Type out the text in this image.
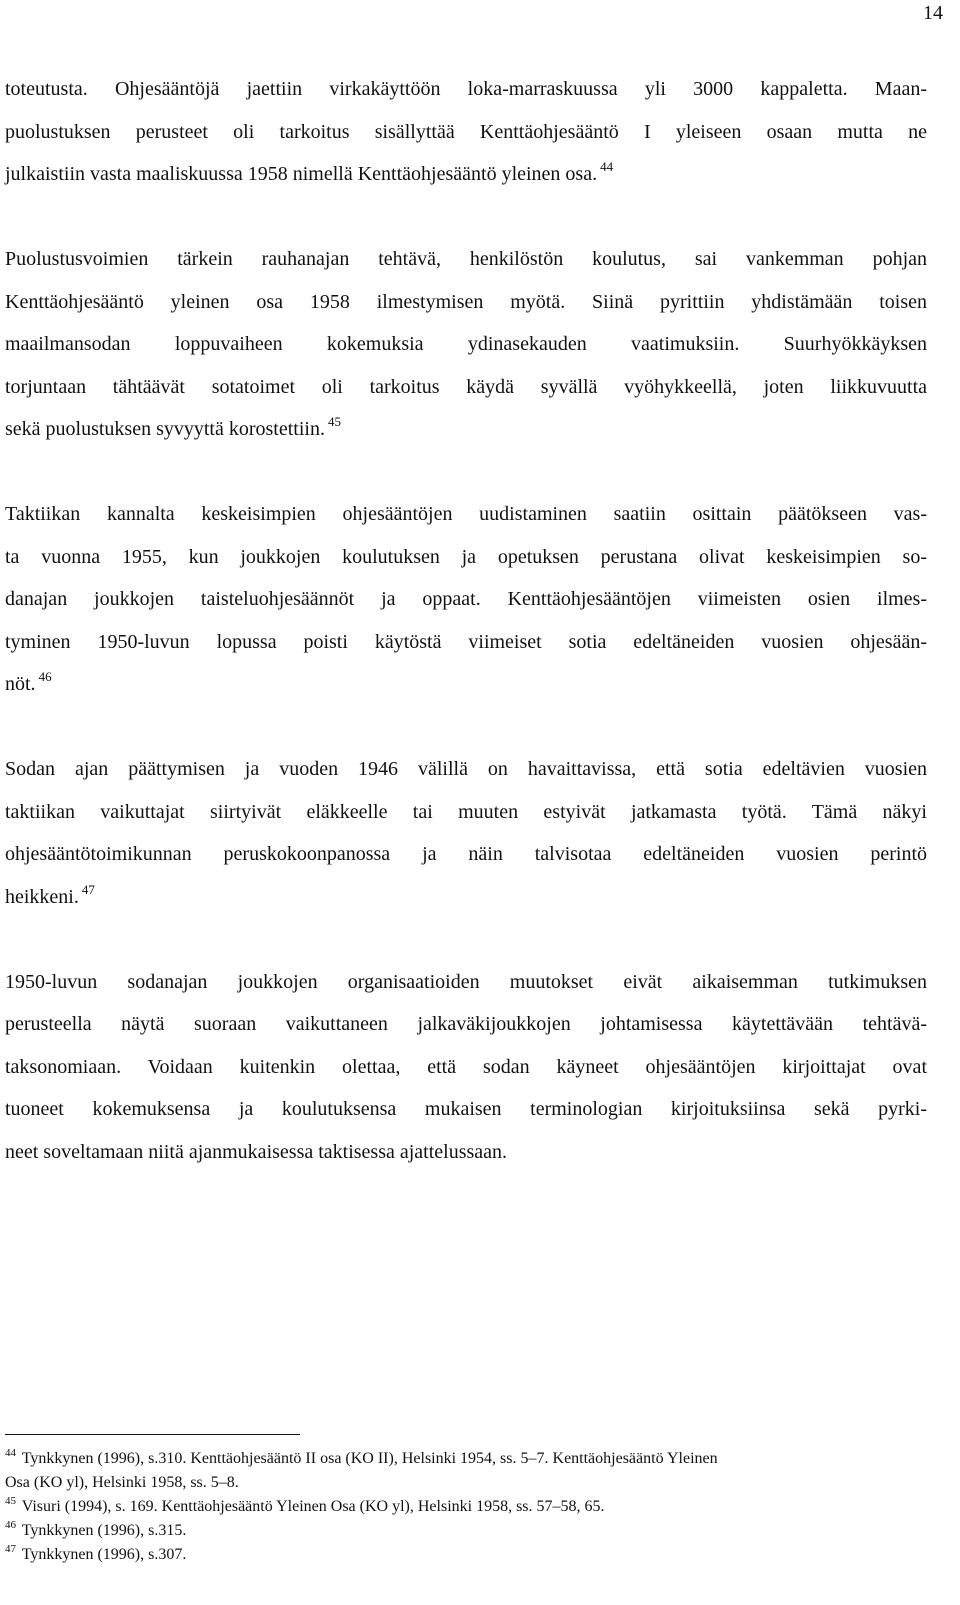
14

toteutusta. Ohjesääntöjä jaettiin virkakäyttöön loka-marraskuussa yli 3000 kappaletta. Maan-
puolustuksen perusteet oli tarkoitus sisällyttää Kenttäohjesääntö I yleiseen osaan mutta ne
julkaistiin vasta maaliskuussa 1958 nimellä Kenttäohjesääntö yleinen osa. $^{44}$

Puolustusvoimien tärkein rauhanajan tehtävä, henkilöstön koulutus, sai vankemman pohjan
Kenttäohjesääntö yleinen osa 1958 ilmestymisen myötä. Siinä pyrittiin yhdistämään toisen
maailmansodan loppuvaiheen kokemuksia ydinasekauden vaatimuksiin. Suurhyökkäyksen
torjuntaan tähtäävät sotatoimet oli tarkoitus käydä syvällä vyöhykkeellä, joten liikkuvuutta
sekä puolustuksen syvyyttä korostettiin. $^{45}$

Taktiikan kannalta keskeisimpien ohjesääntöjen uudistaminen saatiin osittain päätökseen vas-
ta vuonna 1955, kun joukkojen koulutuksen ja opetuksen perustana olivat keskeisimpien so-
danajan joukkojen taisteluohjesäännöt ja oppaat. Kenttäohjesääntöjen viimeisten osien ilmes-
tyminen 1950-luvun lopussa poisti käytöstä viimeiset sotia edeltäneiden vuosien ohjesään-
nöt. $^{46}$

Sodan ajan päättymisen ja vuoden 1946 välillä on havaittavissa, että sotia edeltävien vuosien
taktiikan vaikuttajat siirtyivät eläkkeelle tai muuten estyivät jatkamasta työtä. Tämä näkyi
ohjesääntötoimikunnan peruskokoonpanossa ja näin talvisotaa edeltäneiden vuosien perintö
heikkeni. $^{47}$

1950-luvun sodanajan joukkojen organisaatioiden muutokset eivät aikaisemman tutkimuksen
perusteella näytä suoraan vaikuttaneen jalkaväkijoukkojen johtamisessa käytettävään tehtävä-
taksonomiaan. Voidaan kuitenkin olettaa, että sodan käyneet ohjesääntöjen kirjoittajat ovat
tuoneet kokemuksensa ja koulutuksensa mukaisen terminologian kirjoituksiinsa sekä pyrki-
neet soveltamaan niitä ajanmukaisessa taktisessa ajattelussaan.

$^{44}$ Tynkkynen (1996), s.310. Kenttäohjesääntö II osa (KO II), Helsinki 1954, ss. 5–7. Kenttäohjesääntö Yleinen
Osa (KO yl), Helsinki 1958, ss. 5–8.
$^{45}$ Visuri (1994), s. 169. Kenttäohjesääntö Yleinen Osa (KO yl), Helsinki 1958, ss. 57–58, 65.
$^{46}$ Tynkkynen (1996), s.315.
$^{47}$ Tynkkynen (1996), s.307.
